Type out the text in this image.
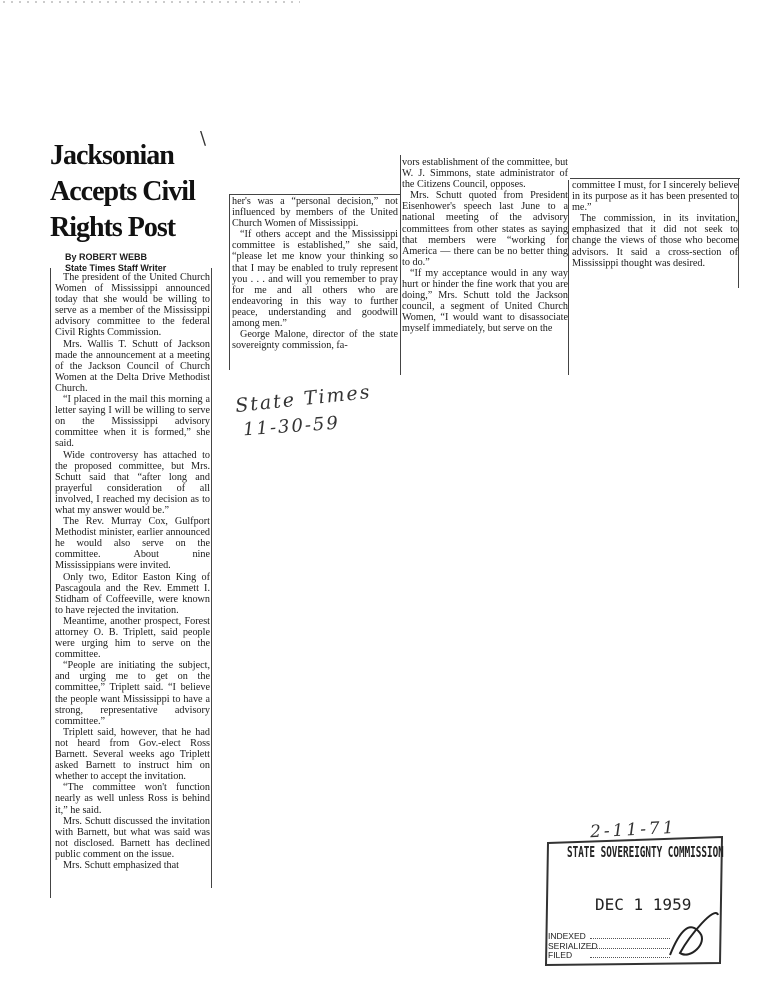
Jacksonian
Accepts Civil
Rights Post
\
By ROBERT WEBB
State Times Staff Writer

The president of the United Church Women of Mississippi announced today that she would be willing to serve as a member of the Mississippi advisory committee to the federal Civil Rights Commission.

Mrs. Wallis T. Schutt of Jackson made the announcement at a meeting of the Jackson Council of Church Women at the Delta Drive Methodist Church.

“I placed in the mail this morning a letter saying I will be willing to serve on the Mississippi advisory committee when it is formed,” she said.

Wide controversy has attached to the proposed committee, but Mrs. Schutt said that “after long and prayerful consideration of all involved, I reached my decision as to what my answer would be.”

The Rev. Murray Cox, Gulfport Methodist minister, earlier announced he would also serve on the committee. About nine Mississippians were invited.

Only two, Editor Easton King of Pascagoula and the Rev. Emmett I. Stidham of Coffeeville, were known to have rejected the invitation.

Meantime, another prospect, Forest attorney O. B. Triplett, said people were urging him to serve on the committee.

“People are initiating the subject, and urging me to get on the committee,” Triplett said. “I believe the people want Mississippi to have a strong, representative advisory committee.”

Triplett said, however, that he had not heard from Gov.-elect Ross Barnett. Several weeks ago Triplett asked Barnett to instruct him on whether to accept the invitation.

“The committee won't function nearly as well unless Ross is behind it,” he said.

Mrs. Schutt discussed the invitation with Barnett, but what was said was not disclosed. Barnett has declined public comment on the issue.

Mrs. Schutt emphasized that

her's was a “personal decision,” not influenced by members of the United Church Women of Mississippi.

“If others accept and the Mississippi committee is established,” she said, “please let me know your thinking so that I may be enabled to truly represent you . . . and will you remember to pray for me and all others who are endeavoring in this way to further peace, understanding and goodwill among men.”

George Malone, director of the state sovereignty commission, fa-

vors establishment of the committee, but W. J. Simmons, state administrator of the Citizens Council, opposes.

Mrs. Schutt quoted from President Eisenhower's speech last June to a national meeting of the advisory committees from other states as saying that members were “working for America — there can be no better thing to do.”

“If my acceptance would in any way hurt or hinder the fine work that you are doing,” Mrs. Schutt told the Jackson council, a segment of United Church Women, “I would want to disassociate myself immediately, but serve on the

committee I must, for I sincerely believe in its purpose as it has been presented to me.”

The commission, in its invitation, emphasized that it did not seek to change the views of those who become advisors. It said a cross-section of Mississippi thought was desired.

State Times
11-30-59
2-11-71
STATE SOVEREIGNTY COMMISSION
DEC 1 1959
INDEXED
SERIALIZED
FILED
